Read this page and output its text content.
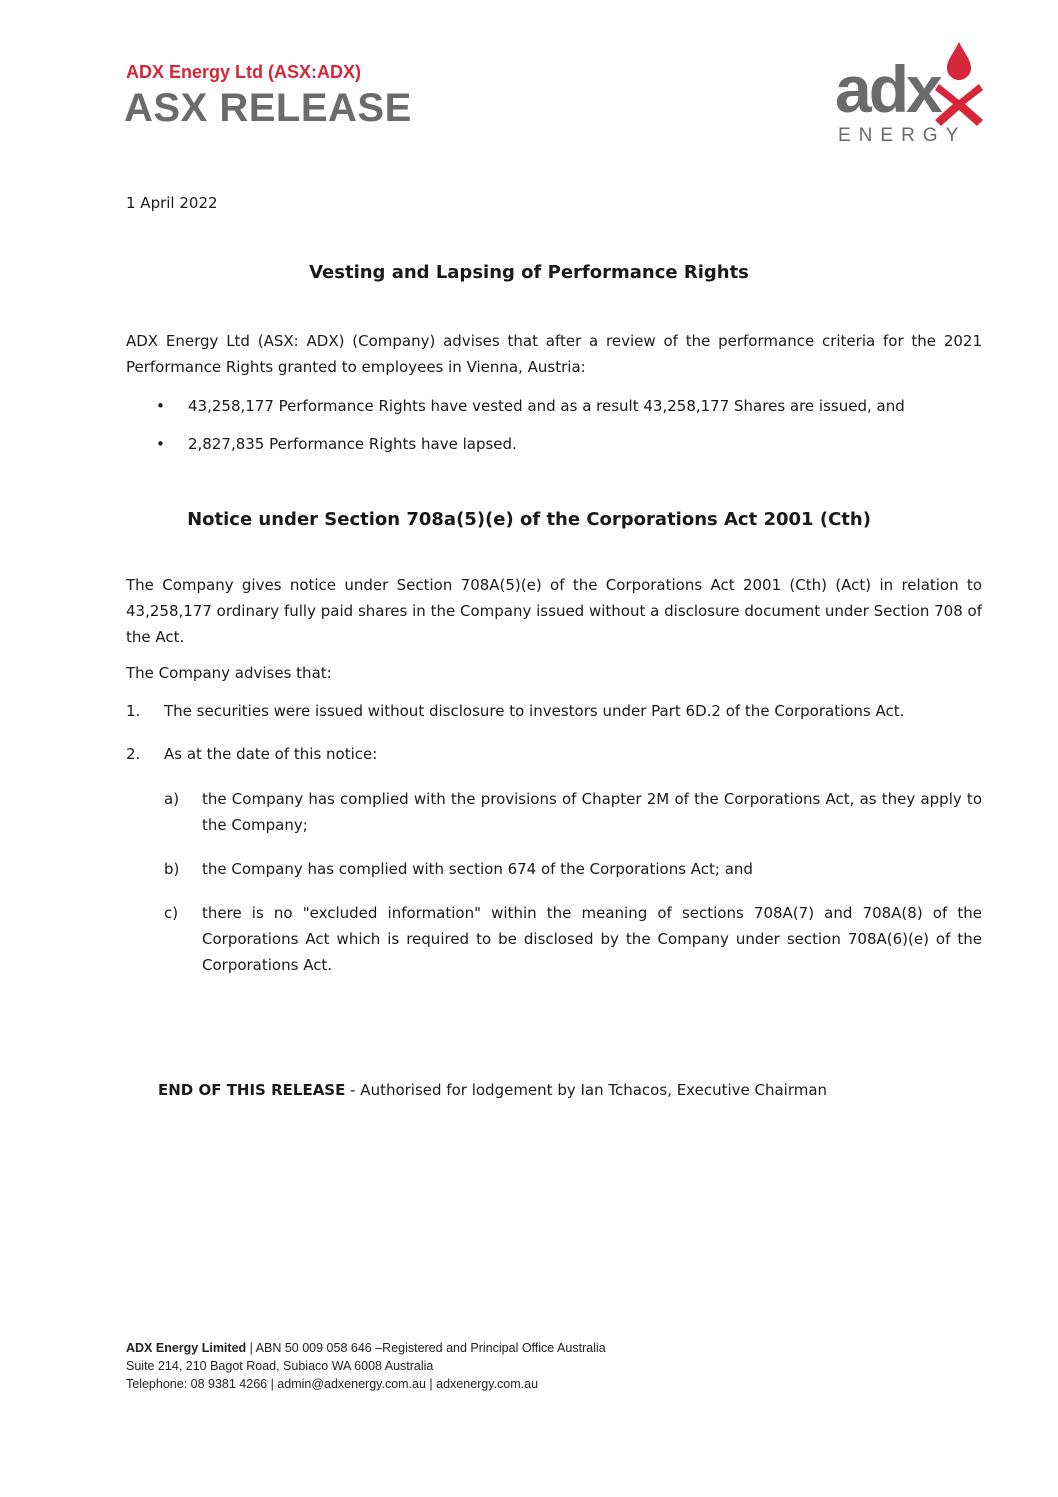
ADX Energy Ltd (ASX:ADX)
ASX RELEASE	adx
ENERGY
1 April 2022
Vesting and Lapsing of Performance Rights
ADX Energy Ltd (ASX: ADX) (Company) advises that after a review of the performance criteria for the 2021 Performance Rights granted to employees in Vienna, Austria:
• 43,258,177 Performance Rights have vested and as a result 43,258,177 Shares are issued, and
• 2,827,835 Performance Rights have lapsed.
Notice under Section 708a(5)(e) of the Corporations Act 2001 (Cth)
The Company gives notice under Section 708A(5)(e) of the Corporations Act 2001 (Cth) (Act) in relation to 43,258,177 ordinary fully paid shares in the Company issued without a disclosure document under Section 708 of the Act.
The Company advises that:
1. The securities were issued without disclosure to investors under Part 6D.2 of the Corporations Act.
2. As at the date of this notice:
a) the Company has complied with the provisions of Chapter 2M of the Corporations Act, as they apply to the Company;
b) the Company has complied with section 674 of the Corporations Act; and
c) there is no "excluded information" within the meaning of sections 708A(7) and 708A(8) of the Corporations Act which is required to be disclosed by the Company under section 708A(6)(e) of the Corporations Act.
END OF THIS RELEASE - Authorised for lodgement by Ian Tchacos, Executive Chairman
ADX Energy Limited | ABN 50 009 058 646 –Registered and Principal Office Australia
Suite 214, 210 Bagot Road, Subiaco WA 6008 Australia
Telephone: 08 9381 4266 | admin@adxenergy.com.au | adxenergy.com.au
